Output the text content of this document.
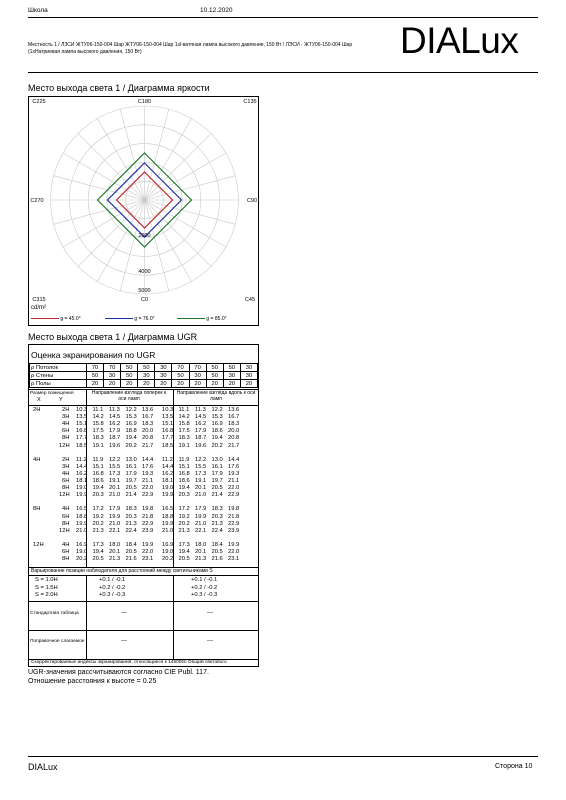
Школа	10.12.2020
Местность 1 / ЛЗСИ ЖТУ06-150-004 Шар ЖТУ06-150-004 Шар 1зI-ватпная лампа высокого давления, 150 Вт / ЛЭСИ - ЖТУ06-150-004 Шар (1xНатриевая лампа высокого давления, 150 Вт)	DIALux
Место выхода света 1 / Диаграмма яркости
C180
C225	C135
C270	C90
C315	C0	C45
2000
4000
5000
cd/m²
g = 45.0°	g = 76.0°	g = 85.0°
Место выхода света 1 / Диаграмма UGR
Оценка экранирования по UGR
ρ Потолок	70	70	50	50	30	70	70	50	50	30
ρ Стены	50	30	50	30	30	50	30	50	30	30
ρ Полы	20	20	20	20	20	20	20	20	20	20
Размер помещения
X	Y
Направление взгляда поперек к оси ламп
Направление взгляда вдоль к оси ламп
Варьирование позиции наблюдателя для расстояний между светильниками S
S = 1.0H	+0.1 / -0.1	+0.1 / -0.1
S = 1.5H	+0.2 / -0.2	+0.2 / -0.2
S = 2.0H	+0.3 / -0.3	+0.3 / -0.3
Стандартная таблица	---	---
Поправочное слагаемое	---	---
Скорректированные индексы экранирования, относящиеся к 14500lm Общий светового
2H	2H 10.3 11.1 11.3 12.2 13.6 10.3 11.1 11.3 12.2 13.6
3H 13.5 14.2 14.5 15.3 16.7 13.5 14.2 14.5 15.3 16.7
4H 15.1 15.8 16.2 16.9 18.3 15.1 15.8 16.2 16.9 18.3
6H 16.8 17.5 17.9 18.8 20.0 16.8 17.5 17.9 18.6 20.0
8H 17.7 18.3 18.7 19.4 20.8 17.7 18.3 18.7 19.4 20.8
12H 18.5 19.1 19.6 20.2 21.7 18.5 19.1 19.6 20.2 21.7
4H	2H 11.2 11.9 12.2 13.0 14.4 11.2 11.9 12.2 13.0 14.4
3H 14.4 15.1 15.5 16.1 17.6 14.4 15.1 15.5 16.1 17.6
4H 16.2 16.8 17.3 17.9 19.3 16.2 16.8 17.3 17.9 19.3
6H 18.1 18.6 19.1 19.7 21.1 18.1 18.6 19.1 19.7 21.1
8H 19.0 19.4 20.1 20.5 22.0 19.0 19.4 20.1 20.5 22.0
12H 19.9 20.3 21.0 21.4 22.9 19.9 20.3 21.0 21.4 22.9
8H	4H 16.5 17.2 17.9 18.3 19.8 16.5 17.2 17.9 18.3 19.8
6H 18.8 19.2 19.9 20.3 21.8 18.8 19.2 19.9 20.3 21.8
8H 19.9 20.2 21.0 21.3 22.9 19.9 20.2 21.0 21.3 22.9
12H 21.0 21.3 22.1 22.4 23.9 21.0 21.3 22.1 22.4 23.9
12H	4H 16.9 17.3 18.0 18.4 19.9 16.9 17.3 18.0 18.4 19.9
6H 19.0 19.4 20.1 20.5 22.0 19.0 19.4 20.1 20.5 22.0
8H 20.2 20.5 21.3 21.6 23.1 20.2 20.5 21.3 21.6 23.1
UGR-значения рассчитываются согласно CIE Publ. 117.
Отношение расстояния к высоте = 0.25
DIALux	Сторона 10
